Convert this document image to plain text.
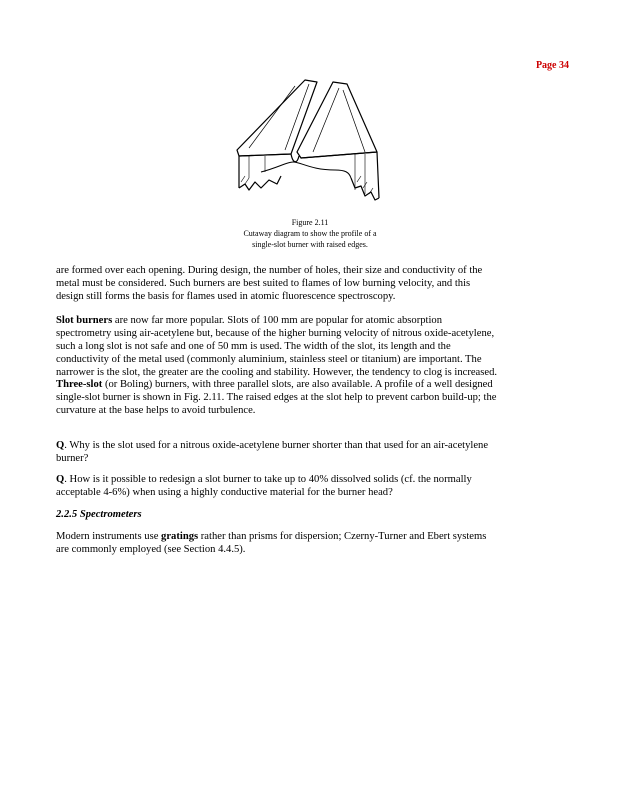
Page 34
Figure 2.11
Cutaway diagram to show the profile of a
single-slot burner with raised edges.

are formed over each opening. During design, the number of holes, their size and conductivity of the
metal must be considered. Such burners are best suited to flames of low burning velocity, and this
design still forms the basis for flames used in atomic fluorescence spectroscopy.

Slot burners are now far more popular. Slots of 100 mm are popular for atomic absorption
spectrometry using air-acetylene but, because of the higher burning velocity of nitrous oxide-acetylene,
such a long slot is not safe and one of 50 mm is used. The width of the slot, its length and the
conductivity of the metal used (commonly aluminium, stainless steel or titanium) are important. The
narrower is the slot, the greater are the cooling and stability. However, the tendency to clog is increased.
Three-slot (or Boling) burners, with three parallel slots, are also available. A profile of a well designed
single-slot burner is shown in Fig. 2.11. The raised edges at the slot help to prevent carbon build-up; the
curvature at the base helps to avoid turbulence.

Q. Why is the slot used for a nitrous oxide-acetylene burner shorter than that used for an air-acetylene
burner?

Q. How is it possible to redesign a slot burner to take up to 40% dissolved solids (cf. the normally
acceptable 4-6%) when using a highly conductive material for the burner head?

2.2.5 Spectrometers

Modern instruments use gratings rather than prisms for dispersion; Czerny-Turner and Ebert systems
are commonly employed (see Section 4.4.5).
